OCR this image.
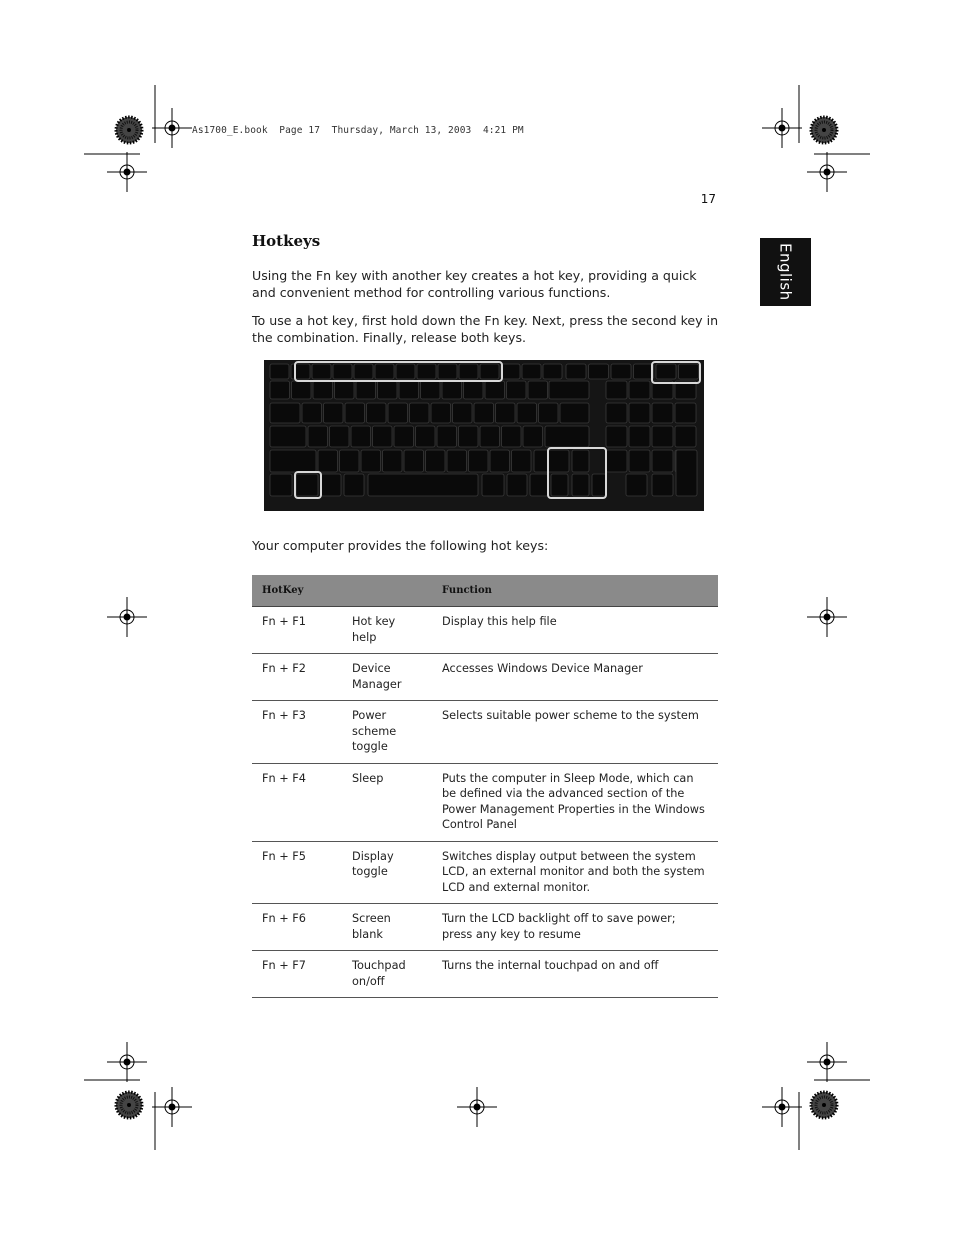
As1700_E.book  Page 17  Thursday, March 13, 2003  4:21 PM
17
English
Hotkeys

Using the Fn key with another key creates a hot key, providing a quick and convenient method for controlling various functions.

To use a hot key, first hold down the Fn key. Next, press the second key in the combination. Finally, release both keys.

Your computer provides the following hot keys:

HotKey		Function
Fn + F1	Hot key help	Display this help file
Fn + F2	Device Manager	Accesses Windows Device Manager
Fn + F3	Power scheme toggle	Selects suitable power scheme to the system
Fn + F4	Sleep	Puts the computer in Sleep Mode, which can be defined via the advanced section of the Power Management Properties in the Windows Control Panel
Fn + F5	Display toggle	Switches display output between the system LCD, an external monitor and both the system LCD and external monitor.
Fn + F6	Screen blank	Turn the LCD backlight off to save power; press any key to resume
Fn + F7	Touchpad on/off	Turns the internal touchpad on and off
